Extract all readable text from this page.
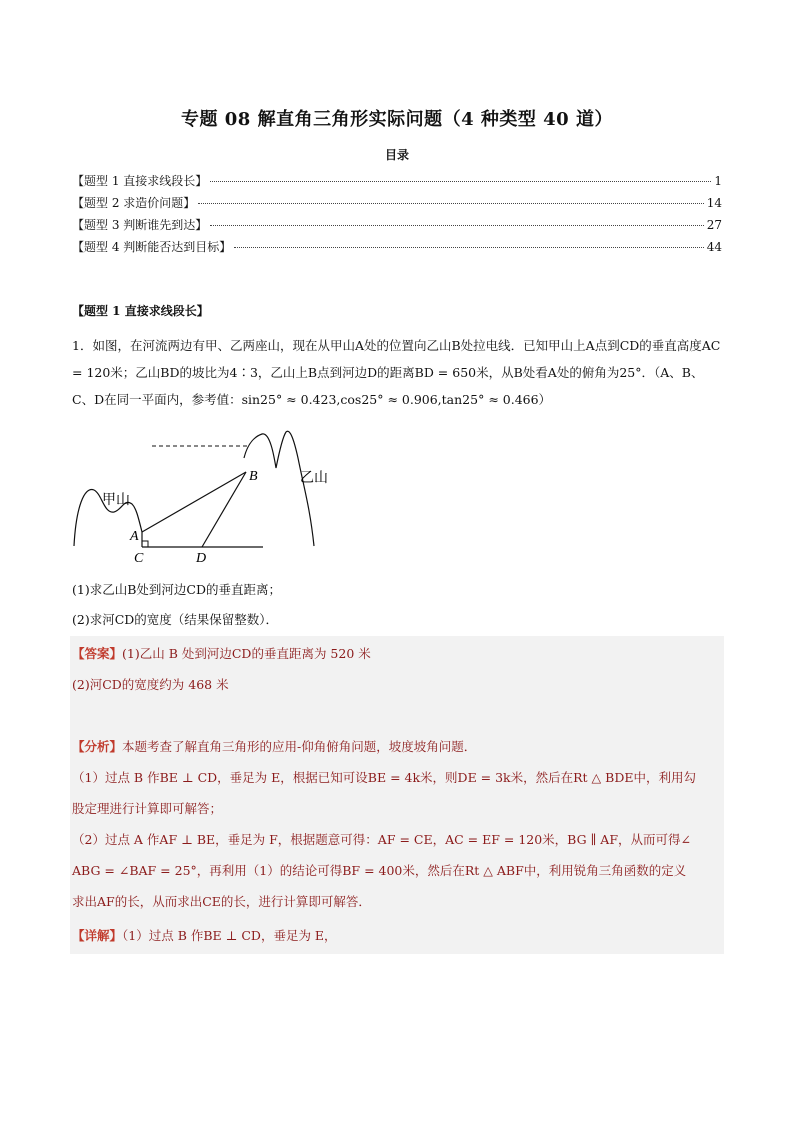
专题 08 解直角三角形实际问题（4 种类型 40 道）
目录
【题型 1 直接求线段长】	1
【题型 2 求造价问题】	14
【题型 3 判断谁先到达】	27
【题型 4 判断能否达到目标】	44
【题型 1 直接求线段长】
1．如图，在河流两边有甲、乙两座山，现在从甲山A处的位置向乙山B处拉电线．已知甲山上A点到CD的垂直高度AC = 120米；乙山BD的坡比为4∶3，乙山上B点到河边D的距离BD = 650米，从B处看A处的俯角为25°．（A、B、C、D在同一平面内，参考值：sin25° ≈ 0.423,cos25° ≈ 0.906,tan25° ≈ 0.466）
甲山
乙山
A
B
C	D
(1)求乙山B处到河边CD的垂直距离；
(2)求河CD的宽度（结果保留整数）．
【答案】(1)乙山 B 处到河边CD的垂直距离为 520 米
(2)河CD的宽度约为 468 米
【分析】本题考查了解直角三角形的应用-仰角俯角问题，坡度坡角问题．
（1）过点 B 作BE ⊥ CD，垂足为 E，根据已知可设BE = 4k米，则DE = 3k米，然后在Rt △ BDE中，利用勾
股定理进行计算即可解答；
（2）过点 A 作AF ⊥ BE，垂足为 F，根据题意可得：AF = CE，AC = EF = 120米，BG ∥ AF，从而可得∠
ABG = ∠BAF = 25°，再利用（1）的结论可得BF = 400米，然后在Rt △ ABF中，利用锐角三角函数的定义
求出AF的长，从而求出CE的长，进行计算即可解答．
【详解】（1）过点 B 作BE ⊥ CD，垂足为 E，
